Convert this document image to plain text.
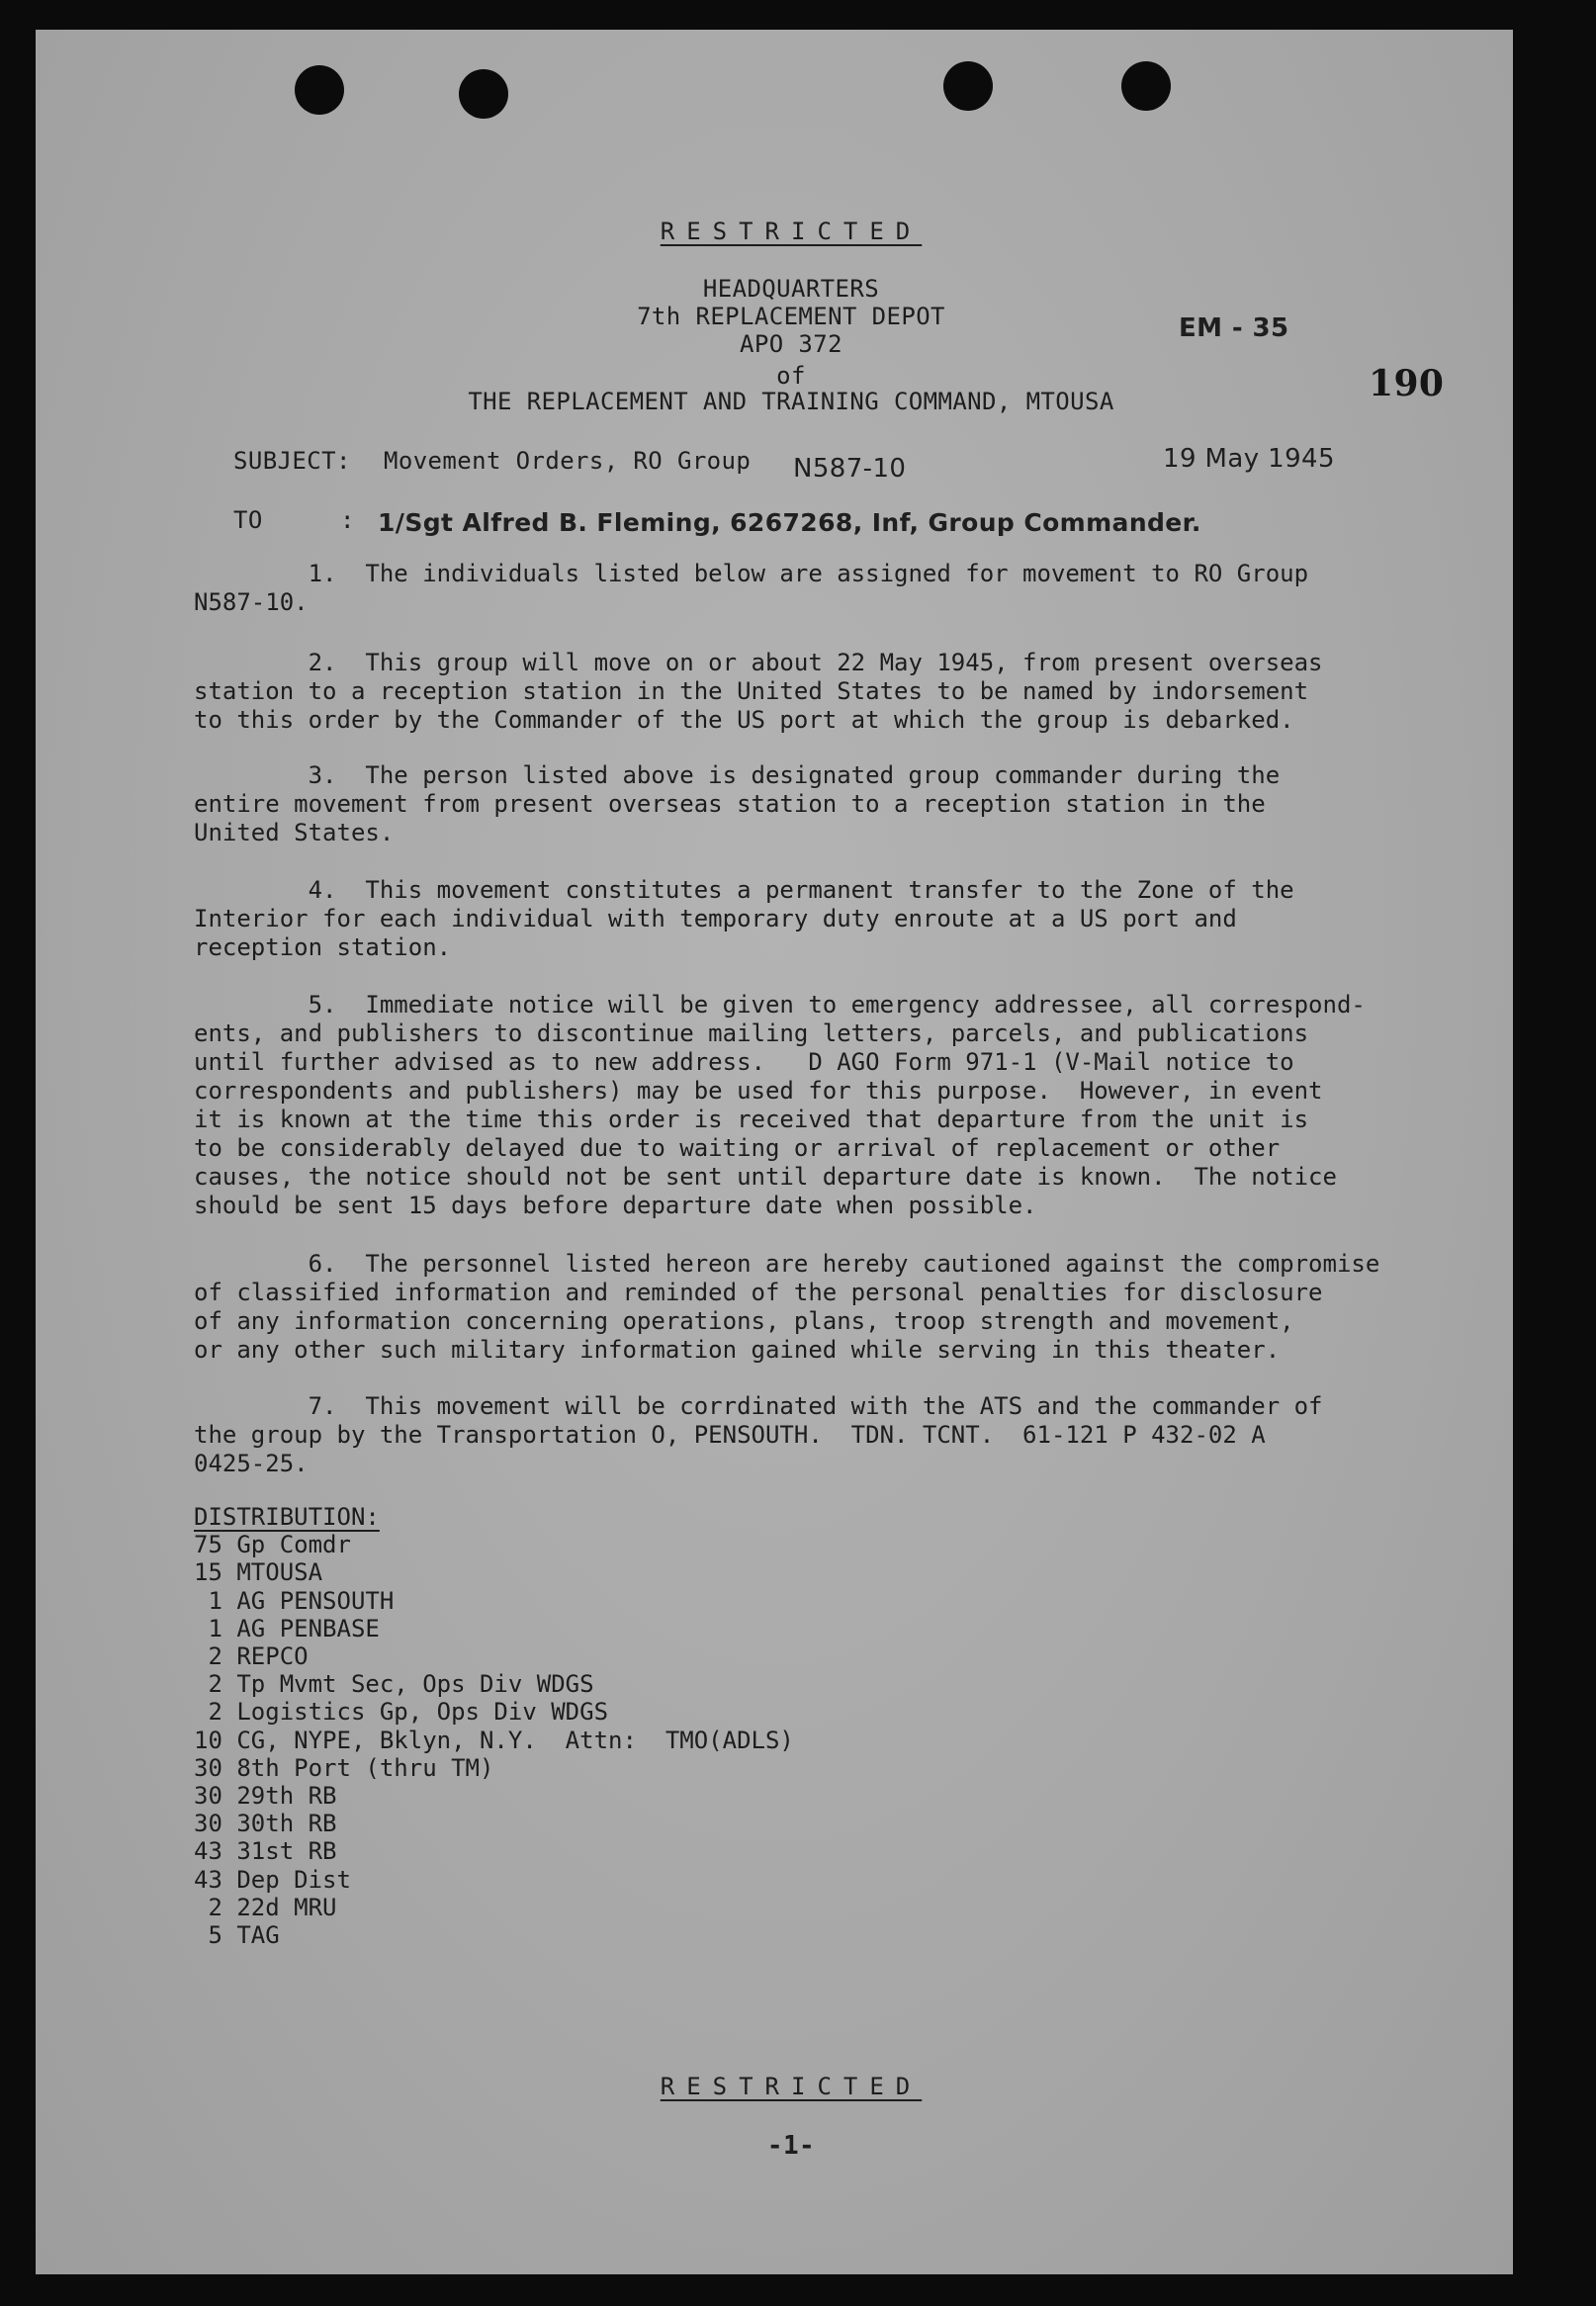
RESTRICTED
HEADQUARTERS
7th REPLACEMENT DEPOT
APO 372
of
THE REPLACEMENT AND TRAINING COMMAND, MTOUSA
EM - 35
190
SUBJECT: Movement Orders, RO Group N587-10	19 May 1945
TO	: 1/Sgt Alfred B. Fleming, 6267268, Inf, Group Commander.
1.  The individuals listed below are assigned for movement to RO Group
N587-10.
2.  This group will move on or about 22 May 1945, from present overseas
station to a reception station in the United States to be named by indorsement
to this order by the Commander of the US port at which the group is debarked.
3.  The person listed above is designated group commander during the
entire movement from present overseas station to a reception station in the
United States.
4.  This movement constitutes a permanent transfer to the Zone of the
Interior for each individual with temporary duty enroute at a US port and
reception station.
5.  Immediate notice will be given to emergency addressee, all correspond-
ents, and publishers to discontinue mailing letters, parcels, and publications
until further advised as to new address.   D AGO Form 971-1 (V-Mail notice to
correspondents and publishers) may be used for this purpose.  However, in event
it is known at the time this order is received that departure from the unit is
to be considerably delayed due to waiting or arrival of replacement or other
causes, the notice should not be sent until departure date is known.  The notice
should be sent 15 days before departure date when possible.
6.  The personnel listed hereon are hereby cautioned against the compromise
of classified information and reminded of the personal penalties for disclosure
of any information concerning operations, plans, troop strength and movement,
or any other such military information gained while serving in this theater.
7.  This movement will be corrdinated with the ATS and the commander of
the group by the Transportation O, PENSOUTH.  TDN. TCNT.  61-121 P 432-02 A
0425-25.
DISTRIBUTION:
75 Gp Comdr
15 MTOUSA
1 AG PENSOUTH
1 AG PENBASE
2 REPCO
2 Tp Mvmt Sec, Ops Div WDGS
2 Logistics Gp, Ops Div WDGS
10 CG, NYPE, Bklyn, N.Y.  Attn:  TMO(ADLS)
30 8th Port (thru TM)
30 29th RB
30 30th RB
43 31st RB
43 Dep Dist
2 22d MRU
5 TAG
RESTRICTED
-1-
